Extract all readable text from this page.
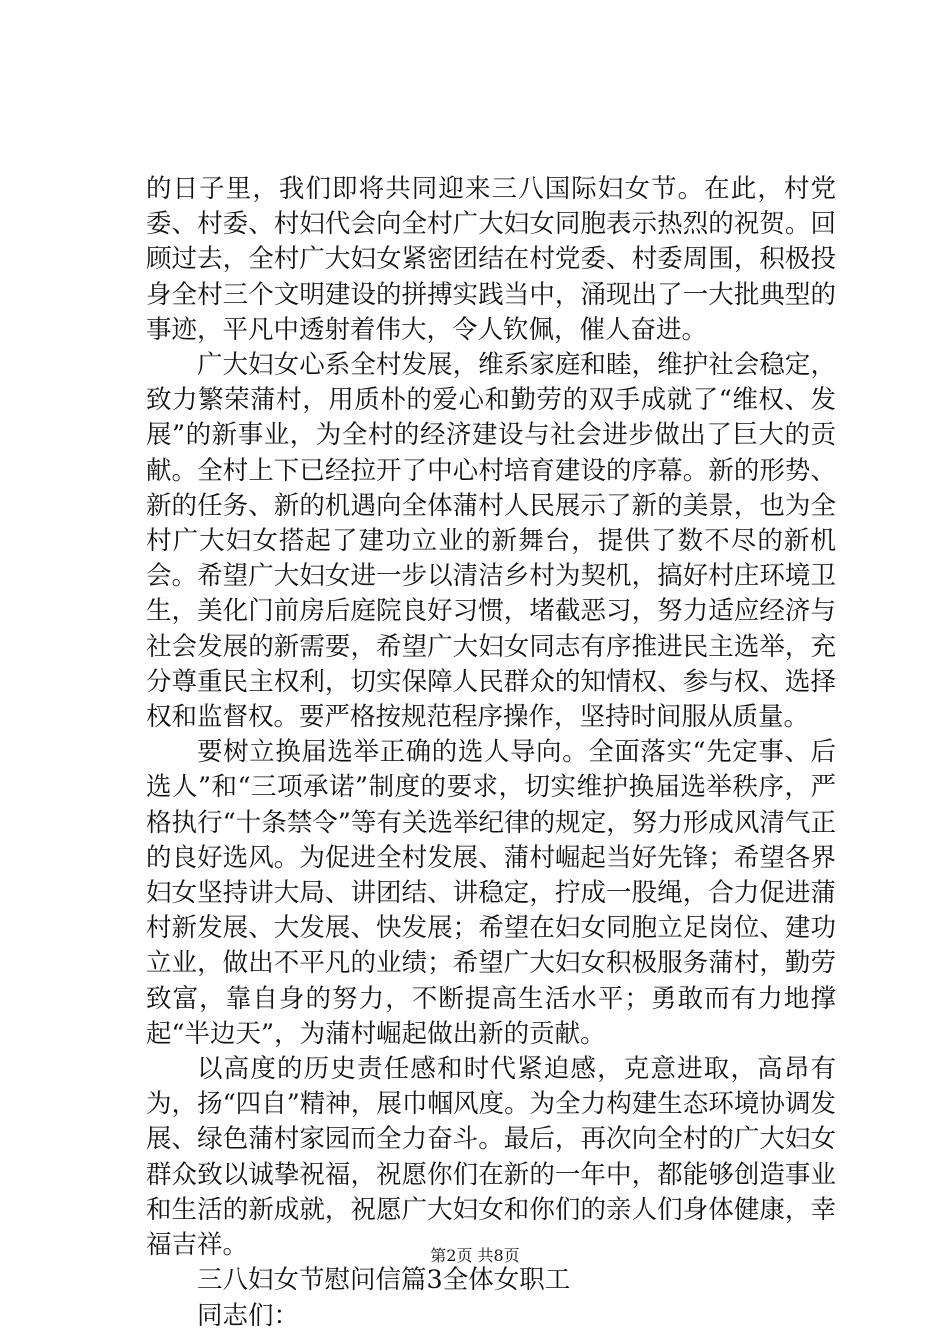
的日子里，我们即将共同迎来三八国际妇女节。在此，村党委、村委、村妇代会向全村广大妇女同胞表示热烈的祝贺。回顾过去，全村广大妇女紧密团结在村党委、村委周围，积极投身全村三个文明建设的拼搏实践当中，涌现出了一大批典型的事迹，平凡中透射着伟大，令人钦佩，催人奋进。

广大妇女心系全村发展，维系家庭和睦，维护社会稳定，致力繁荣蒲村，用质朴的爱心和勤劳的双手成就了“维权、发展”的新事业，为全村的经济建设与社会进步做出了巨大的贡献。全村上下已经拉开了中心村培育建设的序幕。新的形势、新的任务、新的机遇向全体蒲村人民展示了新的美景，也为全村广大妇女搭起了建功立业的新舞台，提供了数不尽的新机会。希望广大妇女进一步以清洁乡村为契机，搞好村庄环境卫生，美化门前房后庭院良好习惯，堵截恶习，努力适应经济与社会发展的新需要，希望广大妇女同志有序推进民主选举，充分尊重民主权利，切实保障人民群众的知情权、参与权、选择权和监督权。要严格按规范程序操作，坚持时间服从质量。

要树立换届选举正确的选人导向。全面落实“先定事、后选人”和“三项承诺”制度的要求，切实维护换届选举秩序，严格执行“十条禁令”等有关选举纪律的规定，努力形成风清气正的良好选风。为促进全村发展、蒲村崛起当好先锋；希望各界妇女坚持讲大局、讲团结、讲稳定，拧成一股绳，合力促进蒲村新发展、大发展、快发展；希望在妇女同胞立足岗位、建功立业，做出不平凡的业绩；希望广大妇女积极服务蒲村，勤劳致富，靠自身的努力，不断提高生活水平；勇敢而有力地撑起“半边天”，为蒲村崛起做出新的贡献。

以高度的历史责任感和时代紧迫感，克意进取，高昂有为，扬“四自”精神，展巾帼风度。为全力构建生态环境协调发展、绿色蒲村家园而全力奋斗。最后，再次向全村的广大妇女群众致以诚挚祝福，祝愿你们在新的一年中，都能够创造事业和生活的新成就，祝愿广大妇女和你们的亲人们身体健康，幸福吉祥。

三八妇女节慰问信篇3全体女职工

同志们：

第2页 共8页
